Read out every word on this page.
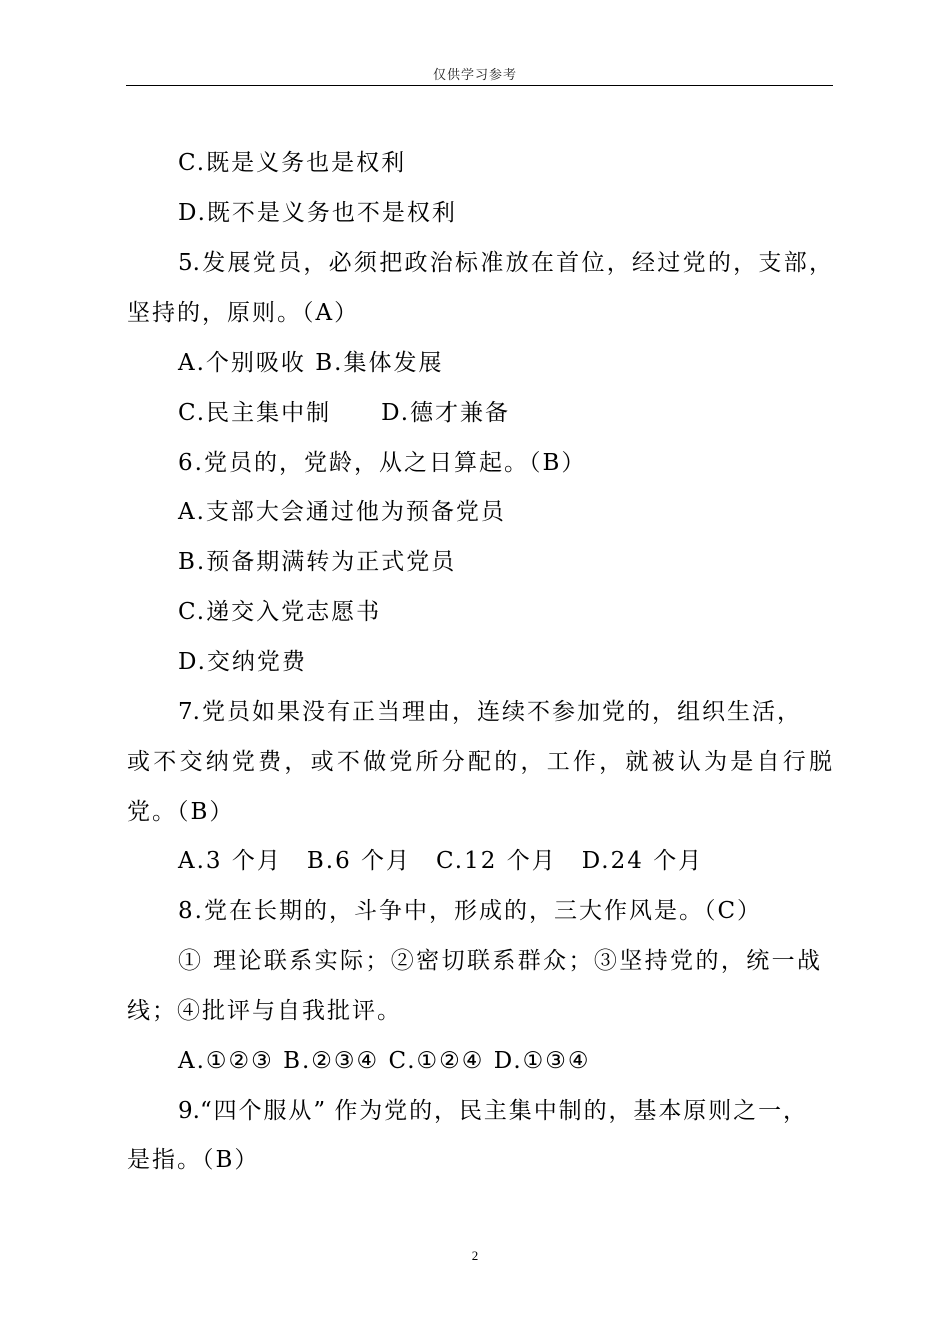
仅供学习参考
C.既是义务也是权利
D.既不是义务也不是权利
5.发展党员，必须把政治标准放在首位，经过党的，支部，
坚持的，原则。（A）
A.个别吸收 B.集体发展
C.民主集中制　　D.德才兼备
6.党员的，党龄，从之日算起。（B）
A.支部大会通过他为预备党员
B.预备期满转为正式党员
C.递交入党志愿书
D.交纳党费
7.党员如果没有正当理由，连续不参加党的，组织生活，
或不交纳党费，或不做党所分配的，工作，就被认为是自行脱
党。（B）
A.3 个月　B.6 个月　C.12 个月　D.24 个月
8.党在长期的，斗争中，形成的，三大作风是。（C）
① 理论联系实际；②密切联系群众；③坚持党的，统一战
线；④批评与自我批评。
A.①②③ B.②③④ C.①②④ D.①③④
9.“四个服从” 作为党的，民主集中制的，基本原则之一，
是指。（B）
2
